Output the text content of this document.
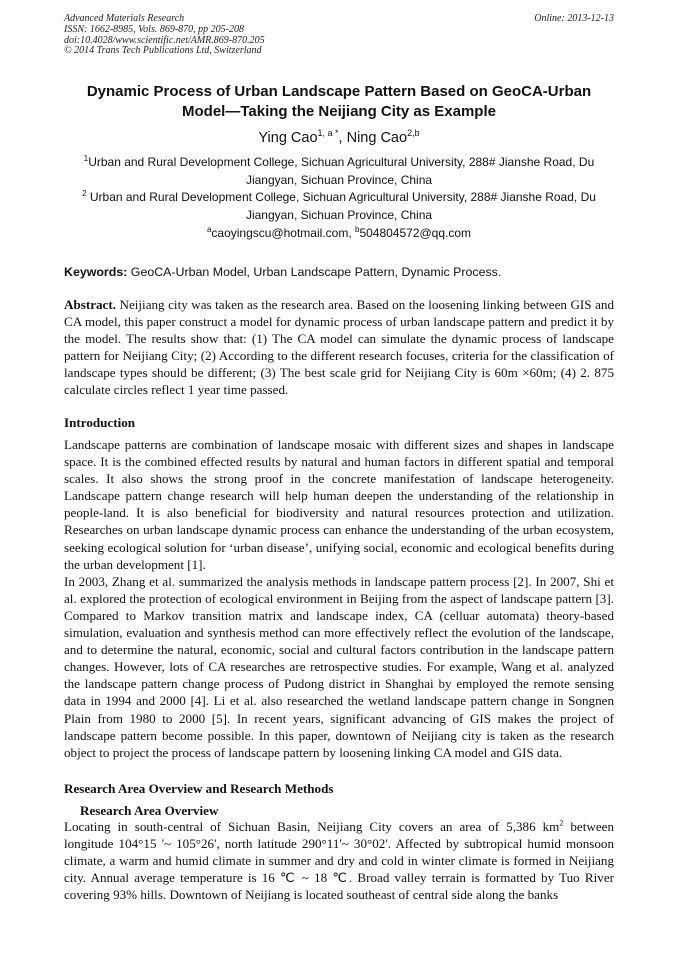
Advanced Materials Research
ISSN: 1662-8985, Vols. 869-870, pp 205-208
doi:10.4028/www.scientific.net/AMR.869-870.205
© 2014 Trans Tech Publications Ltd, Switzerland
Online: 2013-12-13
Dynamic Process of Urban Landscape Pattern Based on GeoCA-Urban Model—Taking the Neijiang City as Example
Ying Cao$^{1, a *}$, Ning Cao$^{2,b}$
$^1$Urban and Rural Development College, Sichuan Agricultural University, 288# Jianshe Road, Du Jiangyan, Sichuan Province, China
$^2$ Urban and Rural Development College, Sichuan Agricultural University, 288# Jianshe Road, Du Jiangyan, Sichuan Province, China
$^a$caoyingscu@hotmail.com, $^b$504804572@qq.com
Keywords: GeoCA-Urban Model, Urban Landscape Pattern, Dynamic Process.
Abstract. Neijiang city was taken as the research area. Based on the loosening linking between GIS and CA model, this paper construct a model for dynamic process of urban landscape pattern and predict it by the model. The results show that: (1) The CA model can simulate the dynamic process of landscape pattern for Neijiang City; (2) According to the different research focuses, criteria for the classification of landscape types should be different; (3) The best scale grid for Neijiang City is 60m ×60m; (4) 2. 875 calculate circles reflect 1 year time passed.
Introduction

Landscape patterns are combination of landscape mosaic with different sizes and shapes in landscape space. It is the combined effected results by natural and human factors in different spatial and temporal scales. It also shows the strong proof in the concrete manifestation of landscape heterogeneity. Landscape pattern change research will help human deepen the understanding of the relationship in people-land. It is also beneficial for biodiversity and natural resources protection and utilization. Researches on urban landscape dynamic process can enhance the understanding of the urban ecosystem, seeking ecological solution for ‘urban disease’, unifying social, economic and ecological benefits during the urban development [1].

In 2003, Zhang et al. summarized the analysis methods in landscape pattern process [2]. In 2007, Shi et al. explored the protection of ecological environment in Beijing from the aspect of landscape pattern [3]. Compared to Markov transition matrix and landscape index, CA (celluar automata) theory-based simulation, evaluation and synthesis method can more effectively reflect the evolution of the landscape, and to determine the natural, economic, social and cultural factors contribution in the landscape pattern changes. However, lots of CA researches are retrospective studies. For example, Wang et al. analyzed the landscape pattern change process of Pudong district in Shanghai by employed the remote sensing data in 1994 and 2000 [4]. Li et al. also researched the wetland landscape pattern change in Songnen Plain from 1980 to 2000 [5]. In recent years, significant advancing of GIS makes the project of landscape pattern become possible. In this paper, downtown of Neijiang city is taken as the research object to project the process of landscape pattern by loosening linking CA model and GIS data.

Research Area Overview and Research Methods
Research Area Overview
Locating in south-central of Sichuan Basin, Neijiang City covers an area of 5,386 $km^2$ between longitude 104°15 '~ 105°26', north latitude 290°11'~ 30°02'. Affected by subtropical humid monsoon climate, a warm and humid climate in summer and dry and cold in winter climate is formed in Neijiang city. Annual average temperature is 16 ℃ ~ 18 ℃. Broad valley terrain is formatted by Tuo River covering 93% hills. Downtown of Neijiang is located southeast of central side along the banks
